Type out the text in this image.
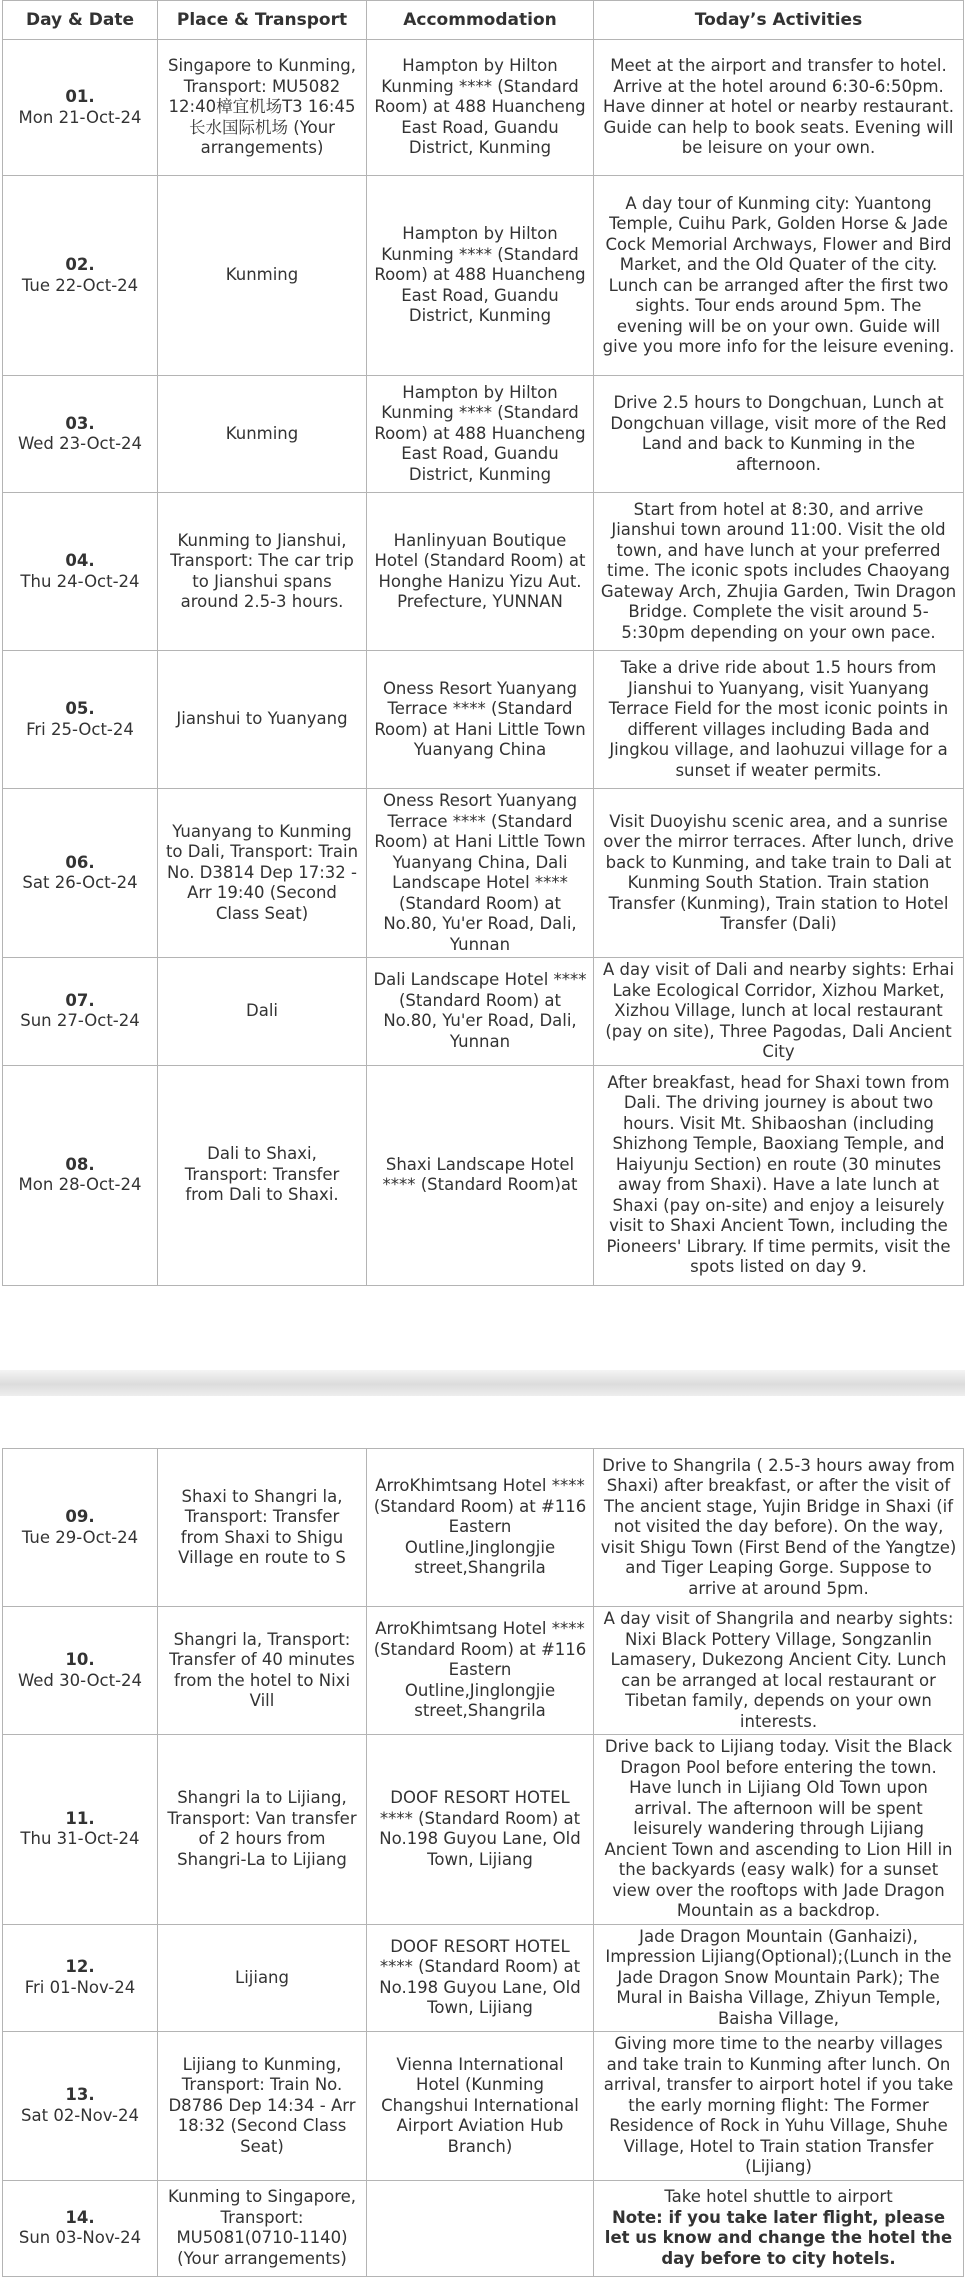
Day & Date	Place & Transport	Accommodation	Today’s Activities

01.
Mon 21-Oct-24	Singapore to Kunming, Transport: MU5082 12:40樟宜机场T3 16:45 长水国际机场 (Your arrangements)	Hampton by Hilton Kunming **** (Standard Room) at 488 Huancheng East Road, Guandu District, Kunming	Meet at the airport and transfer to hotel. Arrive at the hotel around 6:30-6:50pm. Have dinner at hotel or nearby restaurant. Guide can help to book seats. Evening will be leisure on your own.

02.
Tue 22-Oct-24	Kunming	Hampton by Hilton Kunming **** (Standard Room) at 488 Huancheng East Road, Guandu District, Kunming	A day tour of Kunming city: Yuantong Temple, Cuihu Park, Golden Horse & Jade Cock Memorial Archways, Flower and Bird Market, and the Old Quater of the city. Lunch can be arranged after the first two sights. Tour ends around 5pm. The evening will be on your own. Guide will give you more info for the leisure evening.

03.
Wed 23-Oct-24	Kunming	Hampton by Hilton Kunming **** (Standard Room) at 488 Huancheng East Road, Guandu District, Kunming	Drive 2.5 hours to Dongchuan, Lunch at Dongchuan village, visit more of the Red Land and back to Kunming in the afternoon.

04.
Thu 24-Oct-24	Kunming to Jianshui, Transport: The car trip to Jianshui spans around 2.5-3 hours.	Hanlinyuan Boutique Hotel (Standard Room) at Honghe Hanizu Yizu Aut. Prefecture, YUNNAN	Start from hotel at 8:30, and arrive Jianshui town around 11:00. Visit the old town, and have lunch at your preferred time. The iconic spots includes Chaoyang Gateway Arch, Zhujia Garden, Twin Dragon Bridge. Complete the visit around 5-5:30pm depending on your own pace.

05.
Fri 25-Oct-24	Jianshui to Yuanyang	Oness Resort Yuanyang Terrace **** (Standard Room) at Hani Little Town Yuanyang China	Take a drive ride about 1.5 hours from Jianshui to Yuanyang, visit Yuanyang Terrace Field for the most iconic points in different villages including Bada and Jingkou village, and laohuzui village for a sunset if weater permits.

06.
Sat 26-Oct-24	Yuanyang to Kunming to Dali, Transport: Train No. D3814 Dep 17:32 - Arr 19:40 (Second Class Seat)	Oness Resort Yuanyang Terrace **** (Standard Room) at Hani Little Town Yuanyang China, Dali Landscape Hotel **** (Standard Room) at No.80, Yu'er Road, Dali, Yunnan	Visit Duoyishu scenic area, and a sunrise over the mirror terraces. After lunch, drive back to Kunming, and take train to Dali at Kunming South Station. Train station Transfer (Kunming), Train station to Hotel Transfer (Dali)

07.
Sun 27-Oct-24	Dali	Dali Landscape Hotel **** (Standard Room) at No.80, Yu'er Road, Dali, Yunnan	A day visit of Dali and nearby sights: Erhai Lake Ecological Corridor, Xizhou Market, Xizhou Village, lunch at local restaurant (pay on site), Three Pagodas, Dali Ancient City

08.
Mon 28-Oct-24	Dali to Shaxi, Transport: Transfer from Dali to Shaxi.	Shaxi Landscape Hotel **** (Standard Room)at	After breakfast, head for Shaxi town from Dali. The driving journey is about two hours. Visit Mt. Shibaoshan (including Shizhong Temple, Baoxiang Temple, and Haiyunju Section) en route (30 minutes away from Shaxi). Have a late lunch at Shaxi (pay on-site) and enjoy a leisurely visit to Shaxi Ancient Town, including the Pioneers' Library. If time permits, visit the spots listed on day 9.
09.
Tue 29-Oct-24	Shaxi to Shangri la, Transport: Transfer from Shaxi to Shigu Village en route to S	ArroKhimtsang Hotel **** (Standard Room) at #116 Eastern Outline,Jinglongjie street,Shangrila	Drive to Shangrila ( 2.5-3 hours away from Shaxi) after breakfast, or after the visit of The ancient stage, Yujin Bridge in Shaxi (if not visited the day before). On the way, visit Shigu Town (First Bend of the Yangtze) and Tiger Leaping Gorge. Suppose to arrive at around 5pm.

10.
Wed 30-Oct-24	Shangri la, Transport: Transfer of 40 minutes from the hotel to Nixi Vill	ArroKhimtsang Hotel **** (Standard Room) at #116 Eastern Outline,Jinglongjie street,Shangrila	A day visit of Shangrila and nearby sights: Nixi Black Pottery Village, Songzanlin Lamasery, Dukezong Ancient City. Lunch can be arranged at local restaurant or Tibetan family, depends on your own interests.

11.
Thu 31-Oct-24	Shangri la to Lijiang, Transport: Van transfer of 2 hours from Shangri-La to Lijiang	DOOF RESORT HOTEL **** (Standard Room) at No.198 Guyou Lane, Old Town, Lijiang	Drive back to Lijiang today. Visit the Black Dragon Pool before entering the town. Have lunch in Lijiang Old Town upon arrival. The afternoon will be spent leisurely wandering through Lijiang Ancient Town and ascending to Lion Hill in the backyards (easy walk) for a sunset view over the rooftops with Jade Dragon Mountain as a backdrop.

12.
Fri 01-Nov-24	Lijiang	DOOF RESORT HOTEL **** (Standard Room) at No.198 Guyou Lane, Old Town, Lijiang	Jade Dragon Mountain (Ganhaizi), Impression Lijiang(Optional);(Lunch in the Jade Dragon Snow Mountain Park); The Mural in Baisha Village, Zhiyun Temple, Baisha Village,

13.
Sat 02-Nov-24	Lijiang to Kunming, Transport: Train No. D8786 Dep 14:34 - Arr 18:32 (Second Class Seat)	Vienna International Hotel (Kunming Changshui International Airport Aviation Hub Branch)	Giving more time to the nearby villages and take train to Kunming after lunch. On arrival, transfer to airport hotel if you take the early morning flight: The Former Residence of Rock in Yuhu Village, Shuhe Village, Hotel to Train station Transfer (Lijiang)

14.
Sun 03-Nov-24	Kunming to Singapore, Transport: MU5081(0710-1140) (Your arrangements)		Take hotel shuttle to airport
Note: if you take later flight, please let us know and change the hotel the day before to city hotels.
